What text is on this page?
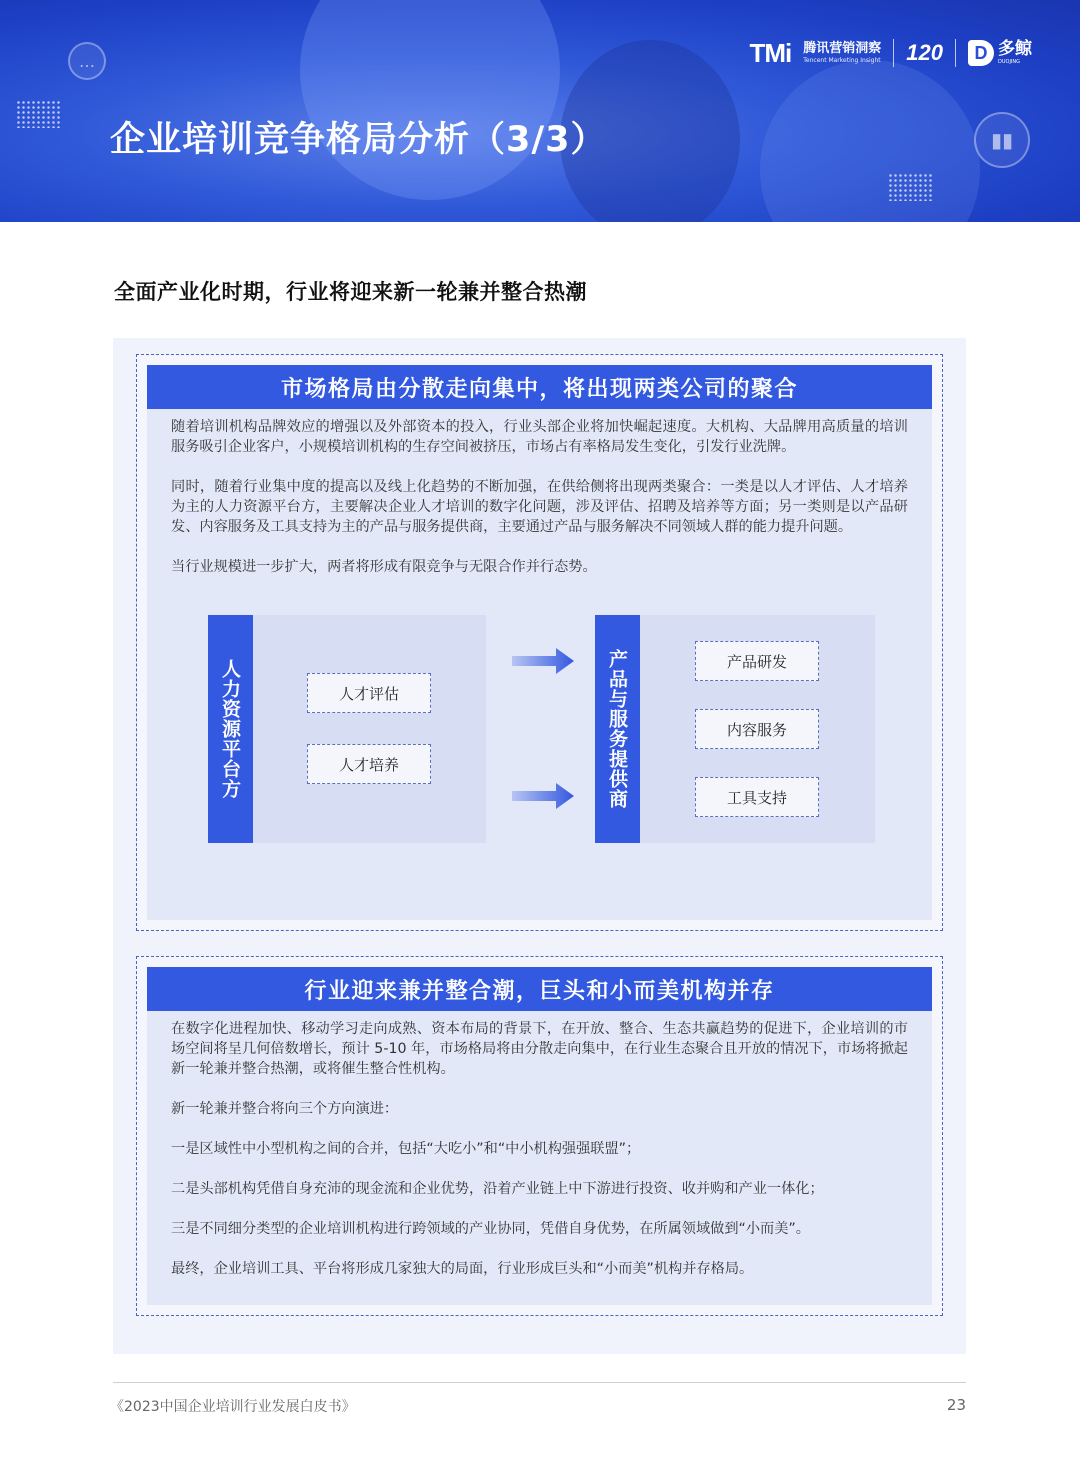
…
▮▮
TMi 腾讯营销洞察
Tencent Marketing Insight 120	D 多鲸
DUOJING
企业培训竞争格局分析（3/3）
全面产业化时期，行业将迎来新一轮兼并整合热潮
市场格局由分散走向集中，将出现两类公司的聚合

随着培训机构品牌效应的增强以及外部资本的投入，行业头部企业将加快崛起速度。大机构、大品牌用高质量的培训服务吸引企业客户，小规模培训机构的生存空间被挤压，市场占有率格局发生变化，引发行业洗牌。

同时，随着行业集中度的提高以及线上化趋势的不断加强，在供给侧将出现两类聚合：一类是以人才评估、人才培养为主的人力资源平台方，主要解决企业人才培训的数字化问题，涉及评估、招聘及培养等方面；另一类则是以产品研发、内容服务及工具支持为主的产品与服务提供商，主要通过产品与服务解决不同领域人群的能力提升问题。

当行业规模进一步扩大，两者将形成有限竞争与无限合作并行态势。

人力资源平台方	人才评估
人才培养	产品与服务提供商	产品研发
内容服务
工具支持
行业迎来兼并整合潮，巨头和小而美机构并存

在数字化进程加快、移动学习走向成熟、资本布局的背景下，在开放、整合、生态共赢趋势的促进下，企业培训的市场空间将呈几何倍数增长，预计 5-10 年，市场格局将由分散走向集中，在行业生态聚合且开放的情况下，市场将掀起新一轮兼并整合热潮，或将催生整合性机构。

新一轮兼并整合将向三个方向演进：

一是区域性中小型机构之间的合并，包括“大吃小”和“中小机构强强联盟”；

二是头部机构凭借自身充沛的现金流和企业优势，沿着产业链上中下游进行投资、收并购和产业一体化；

三是不同细分类型的企业培训机构进行跨领域的产业协同，凭借自身优势，在所属领域做到“小而美”。

最终，企业培训工具、平台将形成几家独大的局面，行业形成巨头和“小而美”机构并存格局。

《2023中国企业培训行业发展白皮书》	23
